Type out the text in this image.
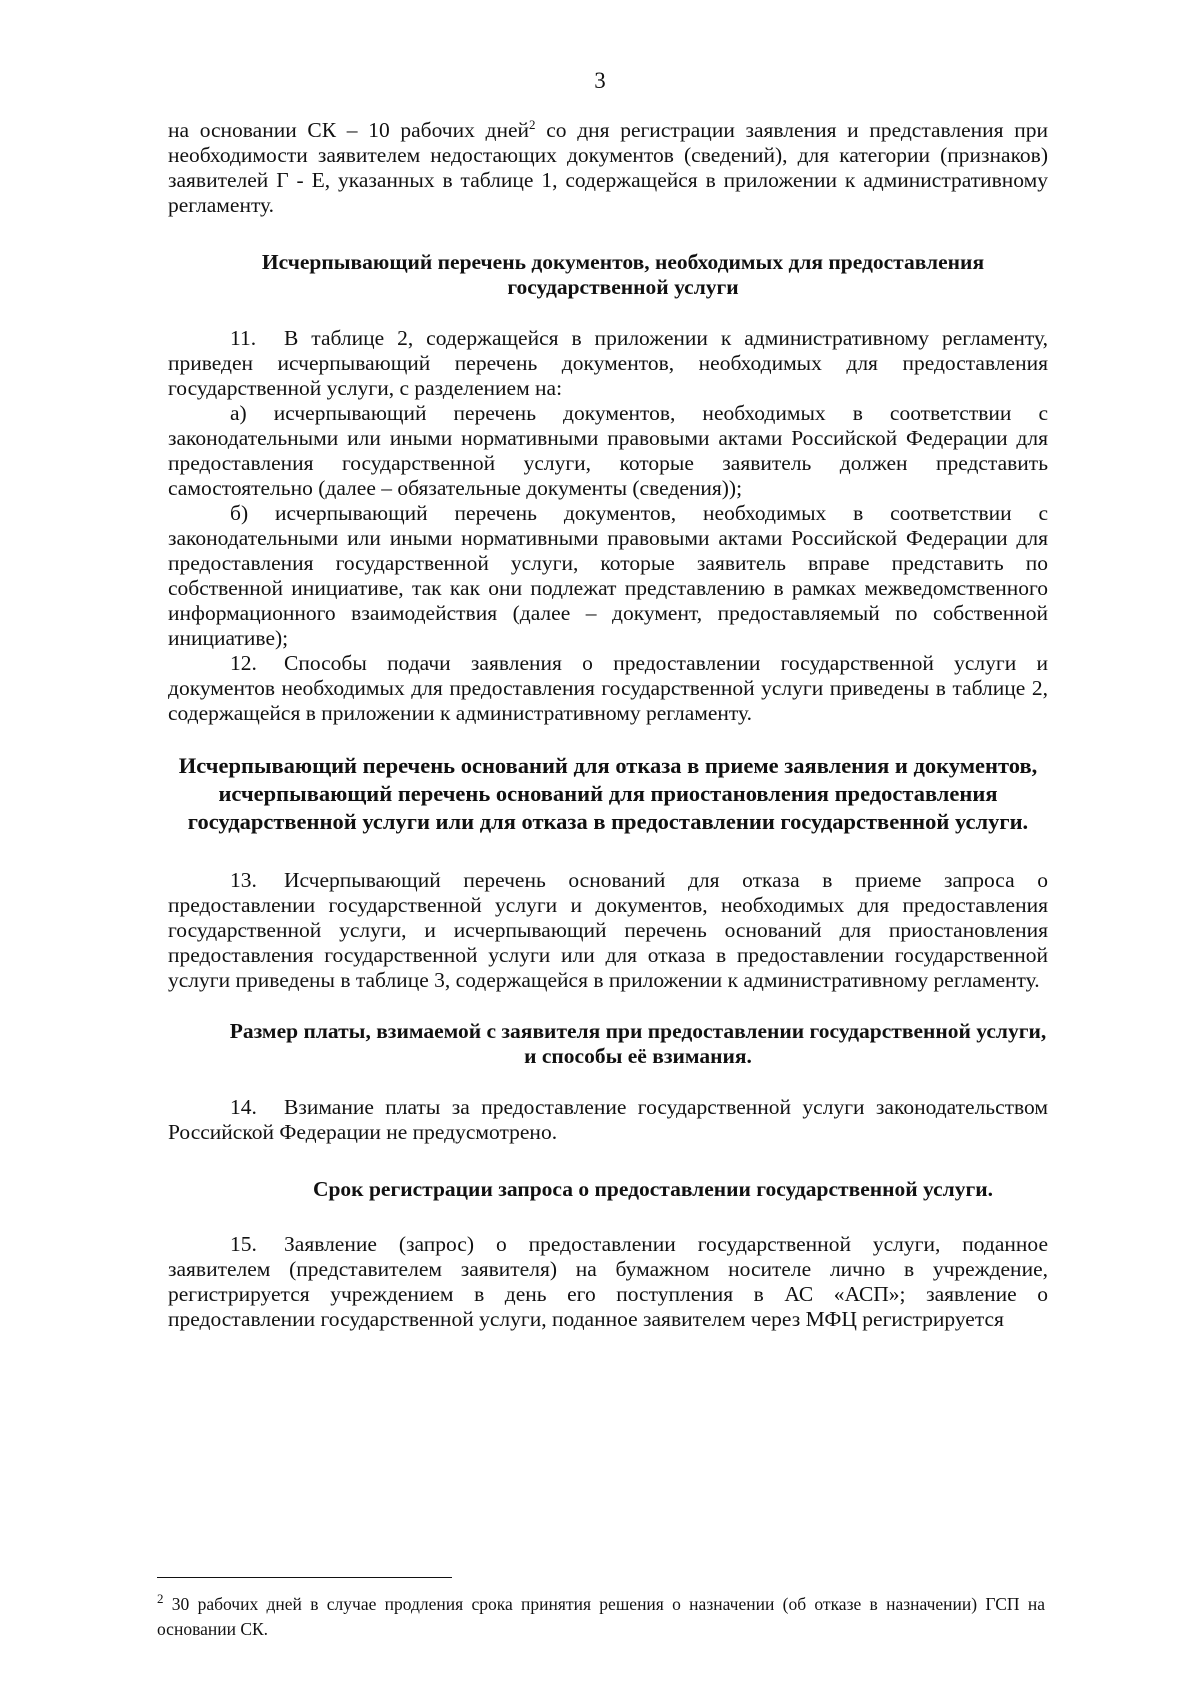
3

на основании СК – 10 рабочих дней$^2$ со дня регистрации заявления и представления при необходимости заявителем недостающих документов (сведений), для категории (признаков) заявителей Г - Е, указанных в таблице 1, содержащейся в приложении к административному регламенту.

Исчерпывающий перечень документов, необходимых для предоставления государственной услуги

11. В таблице 2, содержащейся в приложении к административному регламенту, приведен исчерпывающий перечень документов, необходимых для предоставления государственной услуги, с разделением на:

а) исчерпывающий перечень документов, необходимых в соответствии с законодательными или иными нормативными правовыми актами Российской Федерации для предоставления государственной услуги, которые заявитель должен представить самостоятельно (далее – обязательные документы (сведения));

б) исчерпывающий перечень документов, необходимых в соответствии с законодательными или иными нормативными правовыми актами Российской Федерации для предоставления государственной услуги, которые заявитель вправе представить по собственной инициативе, так как они подлежат представлению в рамках межведомственного информационного взаимодействия (далее – документ, предоставляемый по собственной инициативе);

12. Способы подачи заявления о предоставлении государственной услуги и документов необходимых для предоставления государственной услуги приведены в таблице 2, содержащейся в приложении к административному регламенту.

Исчерпывающий перечень оснований для отказа в приеме заявления и документов, исчерпывающий перечень оснований для приостановления предоставления государственной услуги или для отказа в предоставлении государственной услуги.

13. Исчерпывающий перечень оснований для отказа в приеме запроса о предоставлении государственной услуги и документов, необходимых для предоставления государственной услуги, и исчерпывающий перечень оснований для приостановления предоставления государственной услуги или для отказа в предоставлении государственной услуги приведены в таблице 3, содержащейся в приложении к административному регламенту.

Размер платы, взимаемой с заявителя при предоставлении государственной услуги, и способы её взимания.

14. Взимание платы за предоставление государственной услуги законодательством Российской Федерации не предусмотрено.

Срок регистрации запроса о предоставлении государственной услуги.

15. Заявление (запрос) о предоставлении государственной услуги, поданное заявителем (представителем заявителя) на бумажном носителе лично в учреждение, регистрируется учреждением в день его поступления в АС «АСП»; заявление о предоставлении государственной услуги, поданное заявителем через МФЦ регистрируется

$^2$ 30 рабочих дней в случае продления срока принятия решения о назначении (об отказе в назначении) ГСП на основании СК.
